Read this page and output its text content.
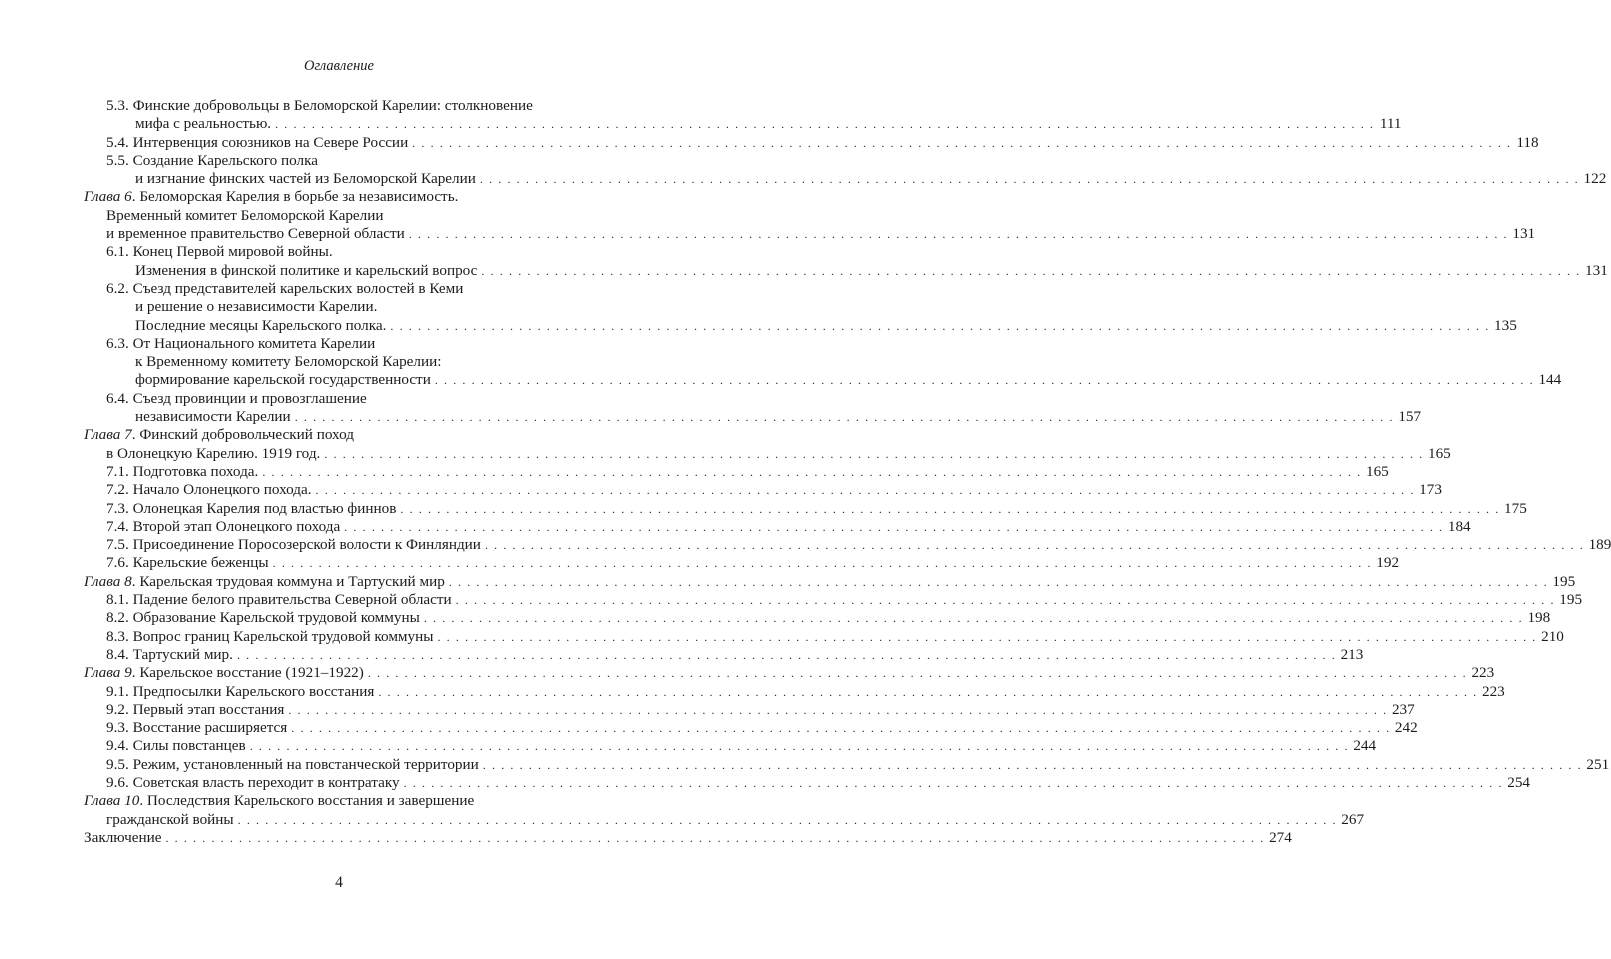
Оглавление
5.3. Финские добровольцы в Беломорской Карелии: столкновение
мифа с реальностью. . . . . . . . . . . . . . . . . . . . . . . . . . . . . . . . . . . . . . . . . . . . . . . . . . . . . . . . . . . . . . . . . . . . . . . . . . . . . . . . . . . . . . . . . . . . . . . . . . . . . . . . . . . . . . . . . . . . . . . . . 111
5.4. Интервенция союзников на Севере России . . . . . . . . . . . . . . . . . . . . . . . . . . . . . . . . . . . . . . . . . . . . . . . . . . . . . . . . . . . . . . . . . . . . . . . . . . . . . . . . . . . . . . . . . . . . . . . . . . . . . . . . . . . . . . . . . . . . . . . . 118
5.5. Создание Карельского полка
и изгнание финских частей из Беломорской Карелии . . . . . . . . . . . . . . . . . . . . . . . . . . . . . . . . . . . . . . . . . . . . . . . . . . . . . . . . . . . . . . . . . . . . . . . . . . . . . . . . . . . . . . . . . . . . . . . . . . . . . . . . . . . . . . . . . . . . . . . . 122
Глава 6. Беломорская Карелия в борьбе за независимость.
Временный комитет Беломорской Карелии
и временное правительство Северной области . . . . . . . . . . . . . . . . . . . . . . . . . . . . . . . . . . . . . . . . . . . . . . . . . . . . . . . . . . . . . . . . . . . . . . . . . . . . . . . . . . . . . . . . . . . . . . . . . . . . . . . . . . . . . . . . . . . . . . . . 131
6.1. Конец Первой мировой войны.
Изменения в финской политике и карельский вопрос . . . . . . . . . . . . . . . . . . . . . . . . . . . . . . . . . . . . . . . . . . . . . . . . . . . . . . . . . . . . . . . . . . . . . . . . . . . . . . . . . . . . . . . . . . . . . . . . . . . . . . . . . . . . . . . . . . . . . . . . 131
6.2. Съезд представителей карельских волостей в Кеми
и решение о независимости Карелии.
Последние месяцы Карельского полка. . . . . . . . . . . . . . . . . . . . . . . . . . . . . . . . . . . . . . . . . . . . . . . . . . . . . . . . . . . . . . . . . . . . . . . . . . . . . . . . . . . . . . . . . . . . . . . . . . . . . . . . . . . . . . . . . . . . . . . . . 135
6.3. От Национального комитета Карелии
к Временному комитету Беломорской Карелии:
формирование карельской государственности . . . . . . . . . . . . . . . . . . . . . . . . . . . . . . . . . . . . . . . . . . . . . . . . . . . . . . . . . . . . . . . . . . . . . . . . . . . . . . . . . . . . . . . . . . . . . . . . . . . . . . . . . . . . . . . . . . . . . . . . 144
6.4. Съезд провинции и провозглашение
независимости Карелии . . . . . . . . . . . . . . . . . . . . . . . . . . . . . . . . . . . . . . . . . . . . . . . . . . . . . . . . . . . . . . . . . . . . . . . . . . . . . . . . . . . . . . . . . . . . . . . . . . . . . . . . . . . . . . . . . . . . . . . . 157
Глава 7. Финский добровольческий поход
в Олонецкую Карелию. 1919 год. . . . . . . . . . . . . . . . . . . . . . . . . . . . . . . . . . . . . . . . . . . . . . . . . . . . . . . . . . . . . . . . . . . . . . . . . . . . . . . . . . . . . . . . . . . . . . . . . . . . . . . . . . . . . . . . . . . . . . . . . 165
7.1. Подготовка похода. . . . . . . . . . . . . . . . . . . . . . . . . . . . . . . . . . . . . . . . . . . . . . . . . . . . . . . . . . . . . . . . . . . . . . . . . . . . . . . . . . . . . . . . . . . . . . . . . . . . . . . . . . . . . . . . . . . . . . . . . 165
7.2. Начало Олонецкого похода. . . . . . . . . . . . . . . . . . . . . . . . . . . . . . . . . . . . . . . . . . . . . . . . . . . . . . . . . . . . . . . . . . . . . . . . . . . . . . . . . . . . . . . . . . . . . . . . . . . . . . . . . . . . . . . . . . . . . . . . . 173
7.3. Олонецкая Карелия под властью финнов . . . . . . . . . . . . . . . . . . . . . . . . . . . . . . . . . . . . . . . . . . . . . . . . . . . . . . . . . . . . . . . . . . . . . . . . . . . . . . . . . . . . . . . . . . . . . . . . . . . . . . . . . . . . . . . . . . . . . . . . 175
7.4. Второй этап Олонецкого похода . . . . . . . . . . . . . . . . . . . . . . . . . . . . . . . . . . . . . . . . . . . . . . . . . . . . . . . . . . . . . . . . . . . . . . . . . . . . . . . . . . . . . . . . . . . . . . . . . . . . . . . . . . . . . . . . . . . . . . . . 184
7.5. Присоединение Поросозерской волости к Финляндии . . . . . . . . . . . . . . . . . . . . . . . . . . . . . . . . . . . . . . . . . . . . . . . . . . . . . . . . . . . . . . . . . . . . . . . . . . . . . . . . . . . . . . . . . . . . . . . . . . . . . . . . . . . . . . . . . . . . . . . . 189
7.6. Карельские беженцы . . . . . . . . . . . . . . . . . . . . . . . . . . . . . . . . . . . . . . . . . . . . . . . . . . . . . . . . . . . . . . . . . . . . . . . . . . . . . . . . . . . . . . . . . . . . . . . . . . . . . . . . . . . . . . . . . . . . . . . . 192
Глава 8. Карельская трудовая коммуна и Тартуский мир . . . . . . . . . . . . . . . . . . . . . . . . . . . . . . . . . . . . . . . . . . . . . . . . . . . . . . . . . . . . . . . . . . . . . . . . . . . . . . . . . . . . . . . . . . . . . . . . . . . . . . . . . . . . . . . . . . . . . . . . 195
8.1. Падение белого правительства Северной области . . . . . . . . . . . . . . . . . . . . . . . . . . . . . . . . . . . . . . . . . . . . . . . . . . . . . . . . . . . . . . . . . . . . . . . . . . . . . . . . . . . . . . . . . . . . . . . . . . . . . . . . . . . . . . . . . . . . . . . . 195
8.2. Образование Карельской трудовой коммуны . . . . . . . . . . . . . . . . . . . . . . . . . . . . . . . . . . . . . . . . . . . . . . . . . . . . . . . . . . . . . . . . . . . . . . . . . . . . . . . . . . . . . . . . . . . . . . . . . . . . . . . . . . . . . . . . . . . . . . . . 198
8.3. Вопрос границ Карельской трудовой коммуны . . . . . . . . . . . . . . . . . . . . . . . . . . . . . . . . . . . . . . . . . . . . . . . . . . . . . . . . . . . . . . . . . . . . . . . . . . . . . . . . . . . . . . . . . . . . . . . . . . . . . . . . . . . . . . . . . . . . . . . . 210
8.4. Тартуский мир. . . . . . . . . . . . . . . . . . . . . . . . . . . . . . . . . . . . . . . . . . . . . . . . . . . . . . . . . . . . . . . . . . . . . . . . . . . . . . . . . . . . . . . . . . . . . . . . . . . . . . . . . . . . . . . . . . . . . . . . . 213
Глава 9. Карельское восстание (1921–1922) . . . . . . . . . . . . . . . . . . . . . . . . . . . . . . . . . . . . . . . . . . . . . . . . . . . . . . . . . . . . . . . . . . . . . . . . . . . . . . . . . . . . . . . . . . . . . . . . . . . . . . . . . . . . . . . . . . . . . . . . 223
9.1. Предпосылки Карельского восстания . . . . . . . . . . . . . . . . . . . . . . . . . . . . . . . . . . . . . . . . . . . . . . . . . . . . . . . . . . . . . . . . . . . . . . . . . . . . . . . . . . . . . . . . . . . . . . . . . . . . . . . . . . . . . . . . . . . . . . . . 223
9.2. Первый этап восстания . . . . . . . . . . . . . . . . . . . . . . . . . . . . . . . . . . . . . . . . . . . . . . . . . . . . . . . . . . . . . . . . . . . . . . . . . . . . . . . . . . . . . . . . . . . . . . . . . . . . . . . . . . . . . . . . . . . . . . . . 237
9.3. Восстание расширяется . . . . . . . . . . . . . . . . . . . . . . . . . . . . . . . . . . . . . . . . . . . . . . . . . . . . . . . . . . . . . . . . . . . . . . . . . . . . . . . . . . . . . . . . . . . . . . . . . . . . . . . . . . . . . . . . . . . . . . . . 242
9.4. Силы повстанцев . . . . . . . . . . . . . . . . . . . . . . . . . . . . . . . . . . . . . . . . . . . . . . . . . . . . . . . . . . . . . . . . . . . . . . . . . . . . . . . . . . . . . . . . . . . . . . . . . . . . . . . . . . . . . . . . . . . . . . . . 244
9.5. Режим, установленный на повстанческой территории . . . . . . . . . . . . . . . . . . . . . . . . . . . . . . . . . . . . . . . . . . . . . . . . . . . . . . . . . . . . . . . . . . . . . . . . . . . . . . . . . . . . . . . . . . . . . . . . . . . . . . . . . . . . . . . . . . . . . . . . 251
9.6. Советская власть переходит в контратаку . . . . . . . . . . . . . . . . . . . . . . . . . . . . . . . . . . . . . . . . . . . . . . . . . . . . . . . . . . . . . . . . . . . . . . . . . . . . . . . . . . . . . . . . . . . . . . . . . . . . . . . . . . . . . . . . . . . . . . . . 254
Глава 10. Последствия Карельского восстания и завершение
гражданской войны . . . . . . . . . . . . . . . . . . . . . . . . . . . . . . . . . . . . . . . . . . . . . . . . . . . . . . . . . . . . . . . . . . . . . . . . . . . . . . . . . . . . . . . . . . . . . . . . . . . . . . . . . . . . . . . . . . . . . . . . 267
Заключение . . . . . . . . . . . . . . . . . . . . . . . . . . . . . . . . . . . . . . . . . . . . . . . . . . . . . . . . . . . . . . . . . . . . . . . . . . . . . . . . . . . . . . . . . . . . . . . . . . . . . . . . . . . . . . . . . . . . . . . . 274
4
